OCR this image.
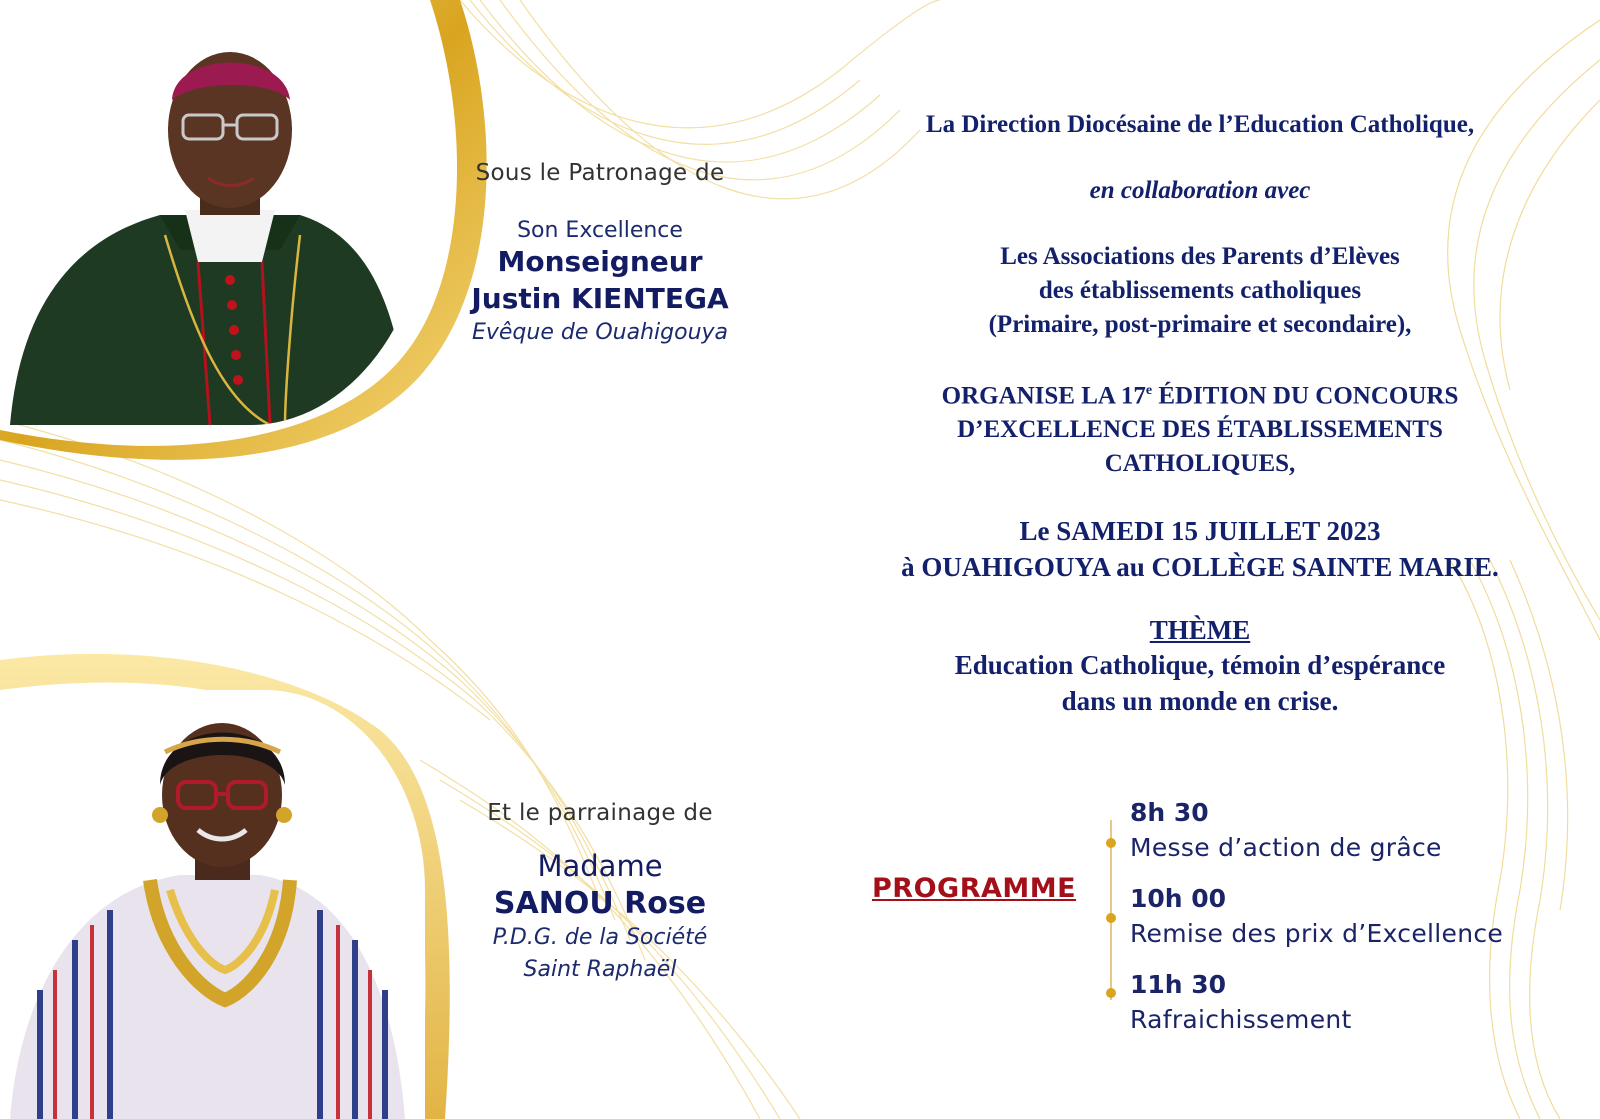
Sous le Patronage de
Son Excellence
Monseigneur
Justin KIENTEGA
Evêque de Ouahigouya
Et le parrainage de
Madame
SANOU Rose
P.D.G. de la Société
Saint Raphaël
La Direction Diocésaine de l’Education Catholique,
en collaboration avec
Les Associations des Parents d’Elèves
des établissements catholiques
(Primaire, post-primaire et secondaire),
ORGANISE LA 17e ÉDITION DU CONCOURS
D’EXCELLENCE DES ÉTABLISSEMENTS
CATHOLIQUES,
Le SAMEDI 15 JUILLET 2023
à OUAHIGOUYA au COLLÈGE SAINTE MARIE.
THÈME
Education Catholique, témoin d’espérance
dans un monde en crise.
PROGRAMME
8h 30
Messe d’action de grâce
10h 00
Remise des prix d’Excellence
11h 30
Rafraichissement
